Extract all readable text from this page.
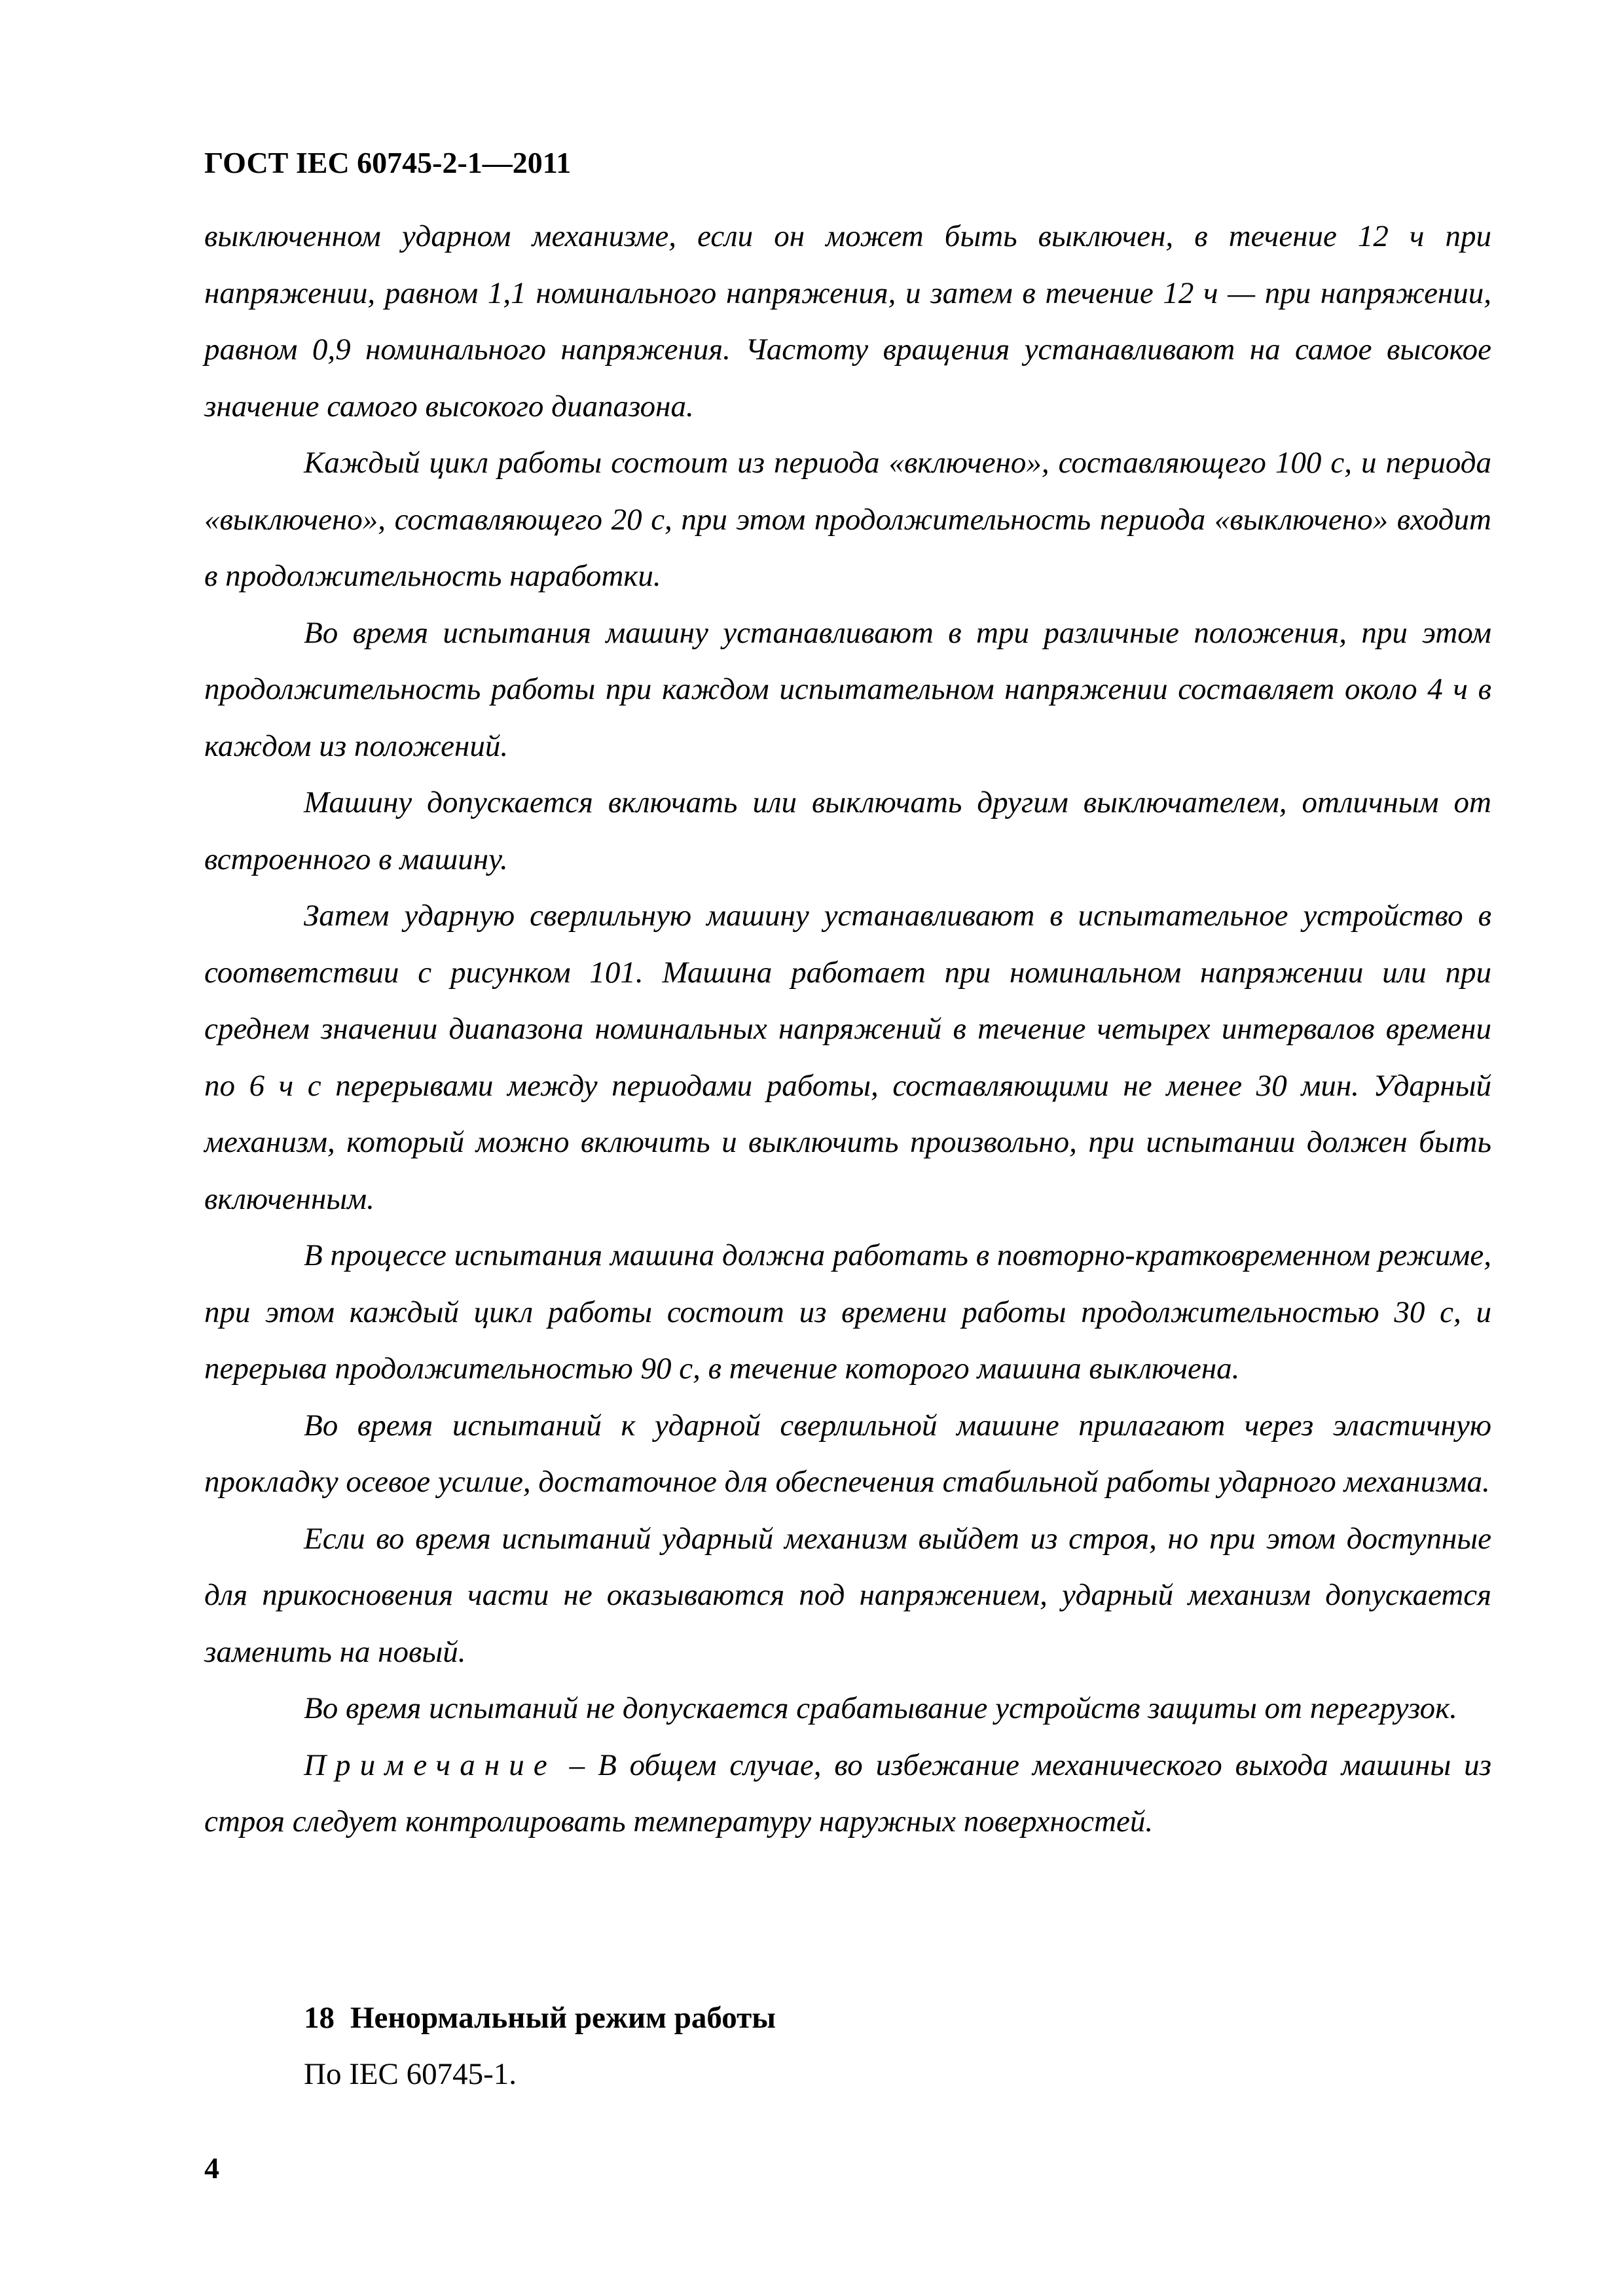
ГОСТ IEC 60745-2-1—2011

выключенном ударном механизме, если он может быть выключен, в течение 12 ч при напряжении, равном 1,1 номинального напряжения, и затем в течение 12 ч — при напряжении, равном 0,9 номинального напряжения. Частоту вращения устанавливают на самое высокое значение самого высокого диапазона.

Каждый цикл работы состоит из периода «включено», составляющего 100 с, и периода «выключено», составляющего 20 с, при этом продолжительность периода «выключено» входит в продолжительность наработки.

Во время испытания машину устанавливают в три различные положения, при этом продолжительность работы при каждом испытательном напряжении составляет около 4 ч в каждом из положений.

Машину допускается включать или выключать другим выключателем, отличным от встроенного в машину.

Затем ударную сверлильную машину устанавливают в испытательное устройство в соответствии с рисунком 101. Машина работает при номинальном напряжении или при среднем значении диапазона номинальных напряжений в течение четырех интервалов времени по 6 ч с перерывами между периодами работы, составляющими не менее 30 мин. Ударный механизм, который можно включить и выключить произвольно, при испытании должен быть включенным.

В процессе испытания машина должна работать в повторно-кратковременном режиме, при этом каждый цикл работы состоит из времени работы продолжительностью 30 с, и перерыва продолжительностью 90 с, в течение которого машина выключена.

Во время испытаний к ударной сверлильной машине прилагают через эластичную прокладку осевое усилие, достаточное для обеспечения стабильной работы ударного механизма.

Если во время испытаний ударный механизм выйдет из строя, но при этом доступные для прикосновения части не оказываются под напряжением, ударный механизм допускается заменить на новый.

Во время испытаний не допускается срабатывание устройств защиты от перегрузок.

Примечание – В общем случае, во избежание механического выхода машины из строя следует контролировать температуру наружных поверхностей.

18 Ненормальный режим работы

По IEC 60745-1.

4
